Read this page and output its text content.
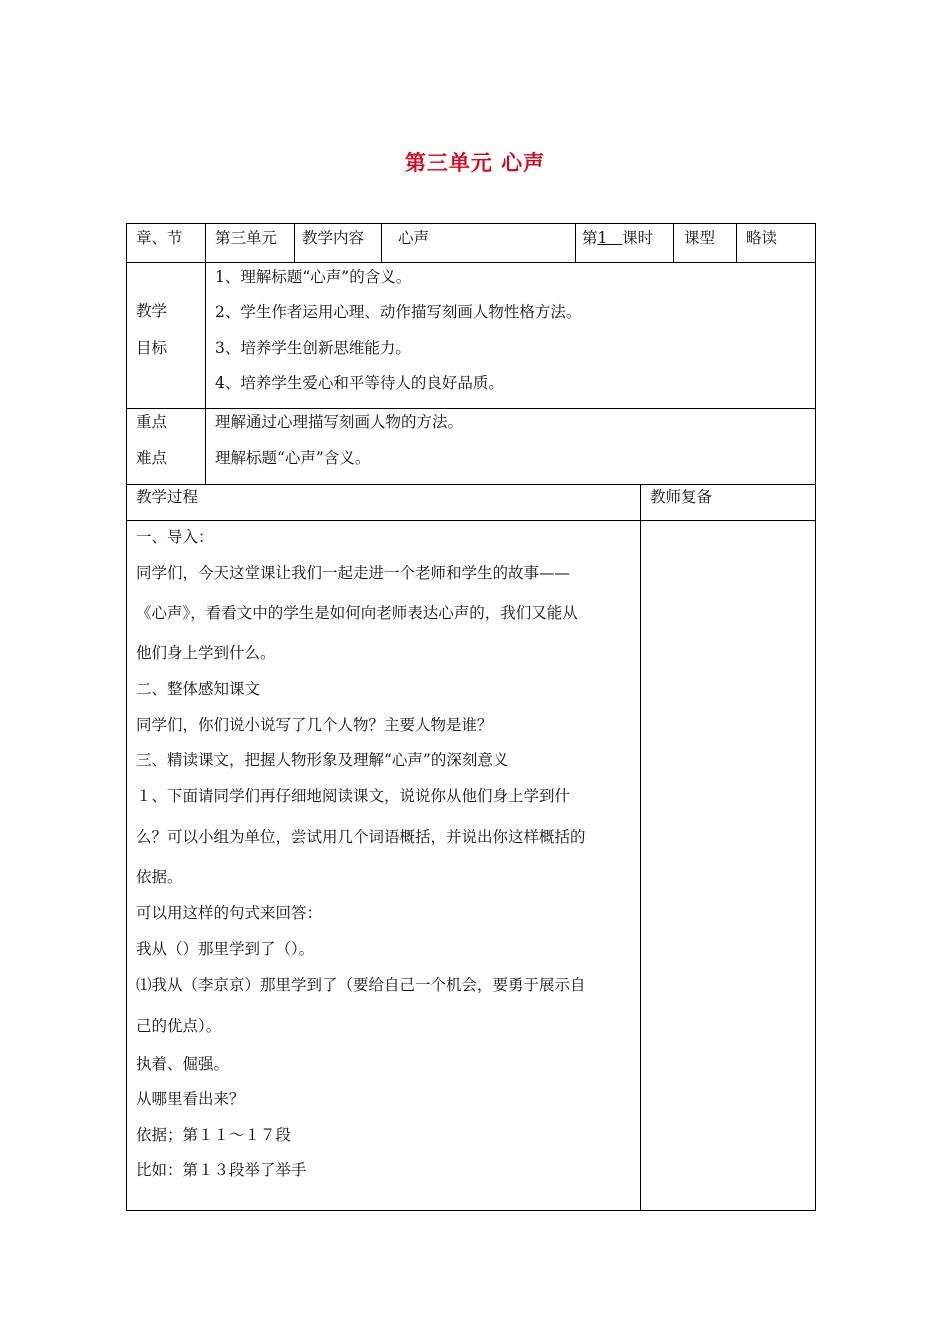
第三单元 心声
章、节 第三单元 教学内容 心声	第1 课时 课型 略读
教学
目标
1、理解标题“心声”的含义。
2、学生作者运用心理、动作描写刻画人物性格方法。
3、培养学生创新思维能力。
4、培养学生爱心和平等待人的良好品质。
重点
难点
理解通过心理描写刻画人物的方法。
理解标题“心声”含义。
教学过程	教师复备
一、导入：
同学们，今天这堂课让我们一起走进一个老师和学生的故事——
《心声》，看看文中的学生是如何向老师表达心声的，我们又能从
他们身上学到什么。
二、整体感知课文
同学们，你们说小说写了几个人物？主要人物是谁？
三、精读课文，把握人物形象及理解“心声”的深刻意义
１、下面请同学们再仔细地阅读课文，说说你从他们身上学到什
么？可以小组为单位，尝试用几个词语概括，并说出你这样概括的
依据。
可以用这样的句式来回答：
我从（）那里学到了（）。
⑴我从（李京京）那里学到了（要给自己一个机会，要勇于展示自
己的优点）。
执着、倔强。
从哪里看出来？
依据；第１１～１７段
比如：第１３段举了举手
